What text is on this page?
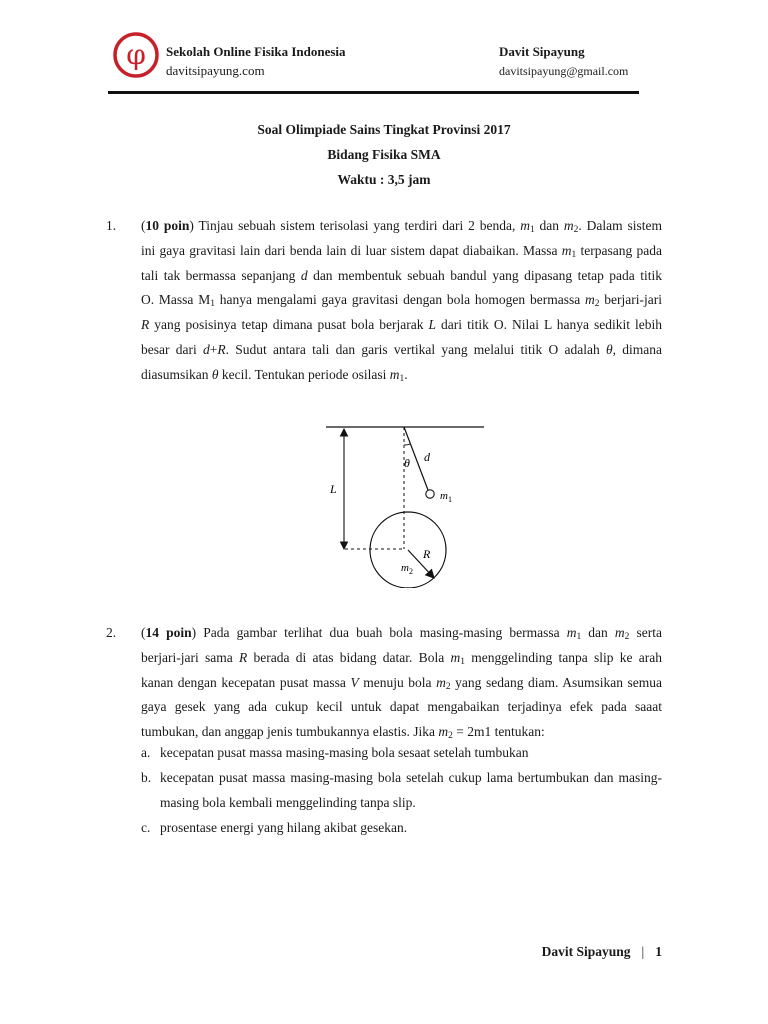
φ Sekolah Online Fisika Indonesia
davitsipayung.com
Davit Sipayung
davitsipayung@gmail.com
Soal Olimpiade Sains Tingkat Provinsi 2017
Bidang Fisika SMA
Waktu : 3,5 jam
1. (10 poin) Tinjau sebuah sistem terisolasi yang terdiri dari 2 benda, $m_1$ dan $m_2$. Dalam sistem

ini gaya gravitasi lain dari benda lain di luar sistem dapat diabaikan. Massa $m_1$ terpasang pada

tali tak bermassa sepanjang d dan membentuk sebuah bandul yang dipasang tetap pada titik

O. Massa $M_1$ hanya mengalami gaya gravitasi dengan bola homogen bermassa $m_2$ berjari-jari

R yang posisinya tetap dimana pusat bola berjarak L dari titik O. Nilai L hanya sedikit lebih

besar dari d+R. Sudut antara tali dan garis vertikal yang melalui titik O adalah θ, dimana

diasumsikan θ kecil. Tentukan periode osilasi $m_1$.

L
θ d
$m_1$
R
$m_2$
2. (14 poin) Pada gambar terlihat dua buah bola masing-masing bermassa $m_1$ dan $m_2$ serta

berjari-jari sama R berada di atas bidang datar. Bola $m_1$ menggelinding tanpa slip ke arah

kanan dengan kecepatan pusat massa V menuju bola $m_2$ yang sedang diam. Asumsikan semua

gaya gesek yang ada cukup kecil untuk dapat mengabaikan terjadinya efek pada saaat

tumbukan, dan anggap jenis tumbukannya elastis. Jika $m_2 = 2m1$ tentukan:

a. kecepatan pusat massa masing-masing bola sesaat setelah tumbukan
b. kecepatan pusat massa masing-masing bola setelah cukup lama bertumbukan dan masing-masing bola kembali menggelinding tanpa slip.
c. prosentase energi yang hilang akibat gesekan.
Davit Sipayung | 1
